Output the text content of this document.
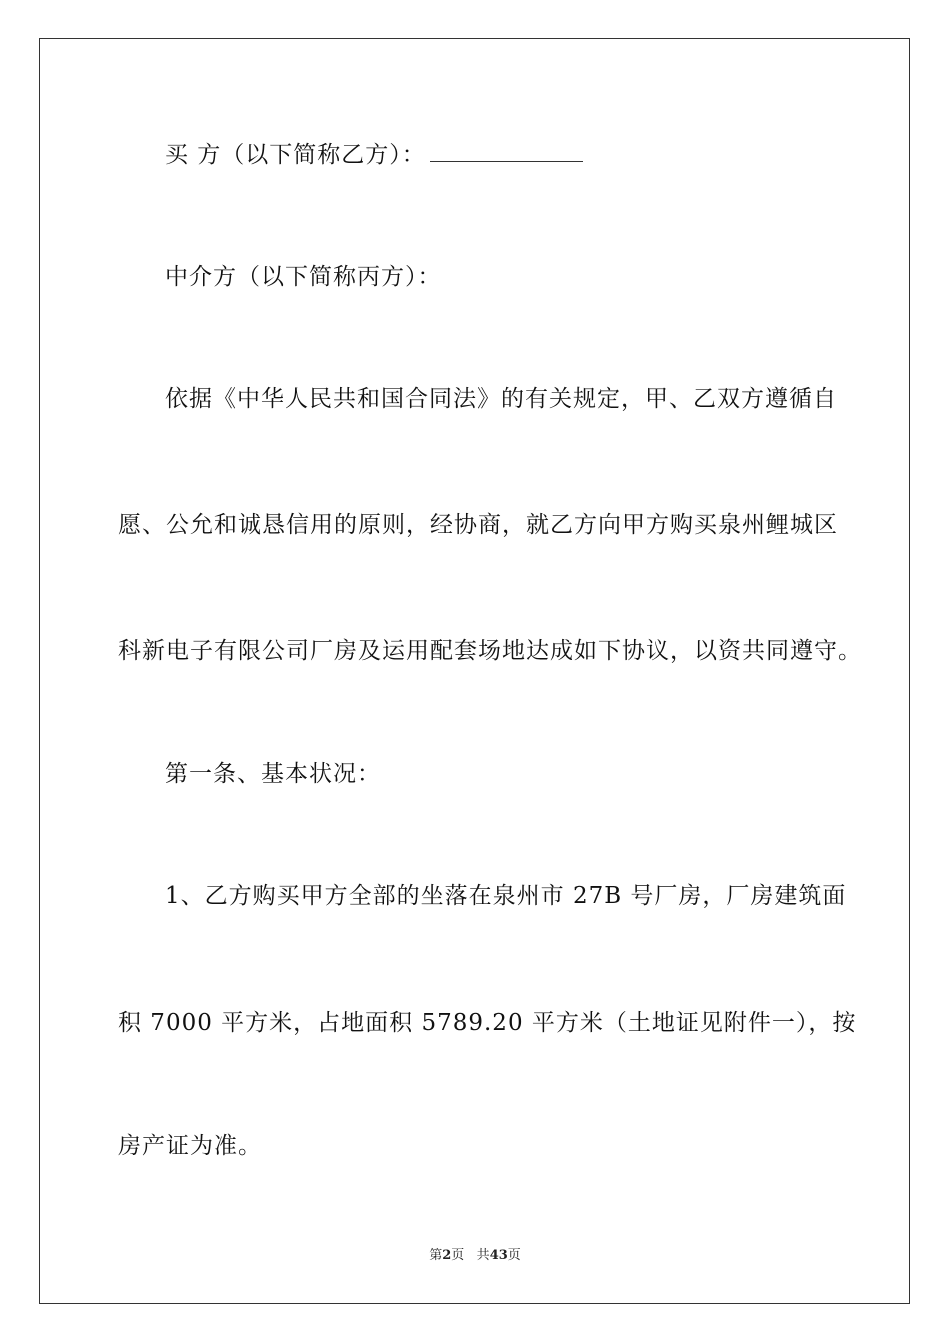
买 方（以下简称乙方）：
中介方（以下简称丙方）：
依据《中华人民共和国合同法》的有关规定，甲、乙双方遵循自
愿、公允和诚恳信用的原则，经协商，就乙方向甲方购买泉州鲤城区
科新电子有限公司厂房及运用配套场地达成如下协议，以资共同遵守。
第一条、基本状况：
1、乙方购买甲方全部的坐落在泉州市 27B 号厂房，厂房建筑面
积 7000 平方米，占地面积 5789.20 平方米（土地证见附件一），按
房产证为准。
第2页 共43页
